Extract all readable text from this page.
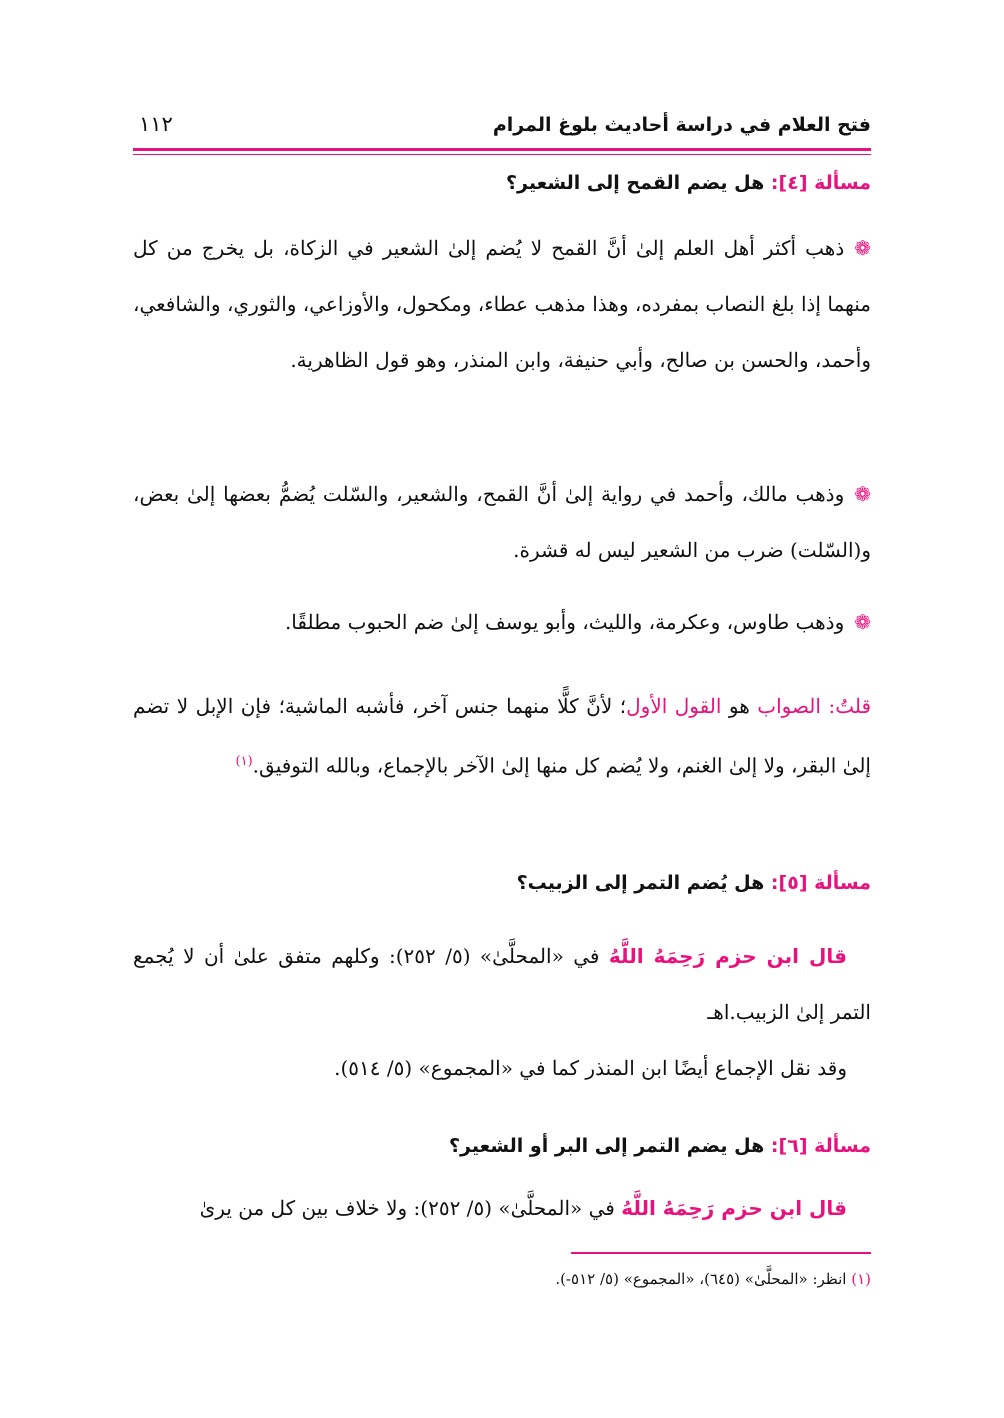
فتح العلام في دراسة أحاديث بلوغ المرام
١١٢
مسألة [٤]: هل يضم القمح إلى الشعير؟
❁ذهب أكثر أهل العلم إلىٰ أنَّ القمح لا يُضم إلىٰ الشعير في الزكاة، بل يخرج من كل منهما إذا بلغ النصاب بمفرده، وهذا مذهب عطاء، ومكحول، والأوزاعي، والثوري، والشافعي، وأحمد، والحسن بن صالح، وأبي حنيفة، وابن المنذر، وهو قول الظاهرية.
❁وذهب مالك، وأحمد في رواية إلىٰ أنَّ القمح، والشعير، والسّلت يُضمُّ بعضها إلىٰ بعض، و(السّلت) ضرب من الشعير ليس له قشرة.
❁وذهب طاوس، وعكرمة، والليث، وأبو يوسف إلىٰ ضم الحبوب مطلقًا.
قلتُ: الصواب هو القول الأول؛ لأنَّ كلًّا منهما جنس آخر، فأشبه الماشية؛ فإن الإبل لا تضم إلىٰ البقر، ولا إلىٰ الغنم، ولا يُضم كل منها إلىٰ الآخر بالإجماع، وبالله التوفيق.$^{(١)}$
مسألة [٥]: هل يُضم التمر إلى الزبيب؟
قال ابن حزم رَحِمَهُ اللَّهُ في «المحلَّىٰ» (٥/ ٢٥٢): وكلهم متفق علىٰ أن لا يُجمع التمر إلىٰ الزبيب.اهـ
وقد نقل الإجماع أيضًا ابن المنذر كما في «المجموع» (٥/ ٥١٤).
مسألة [٦]: هل يضم التمر إلى البر أو الشعير؟
قال ابن حزم رَحِمَهُ اللَّهُ في «المحلَّىٰ» (٥/ ٢٥٢): ولا خلاف بين كل من يرىٰ
(١) انظر: «المحلَّىٰ» (٦٤٥)، «المجموع» (٥/ ٥١٢-).
